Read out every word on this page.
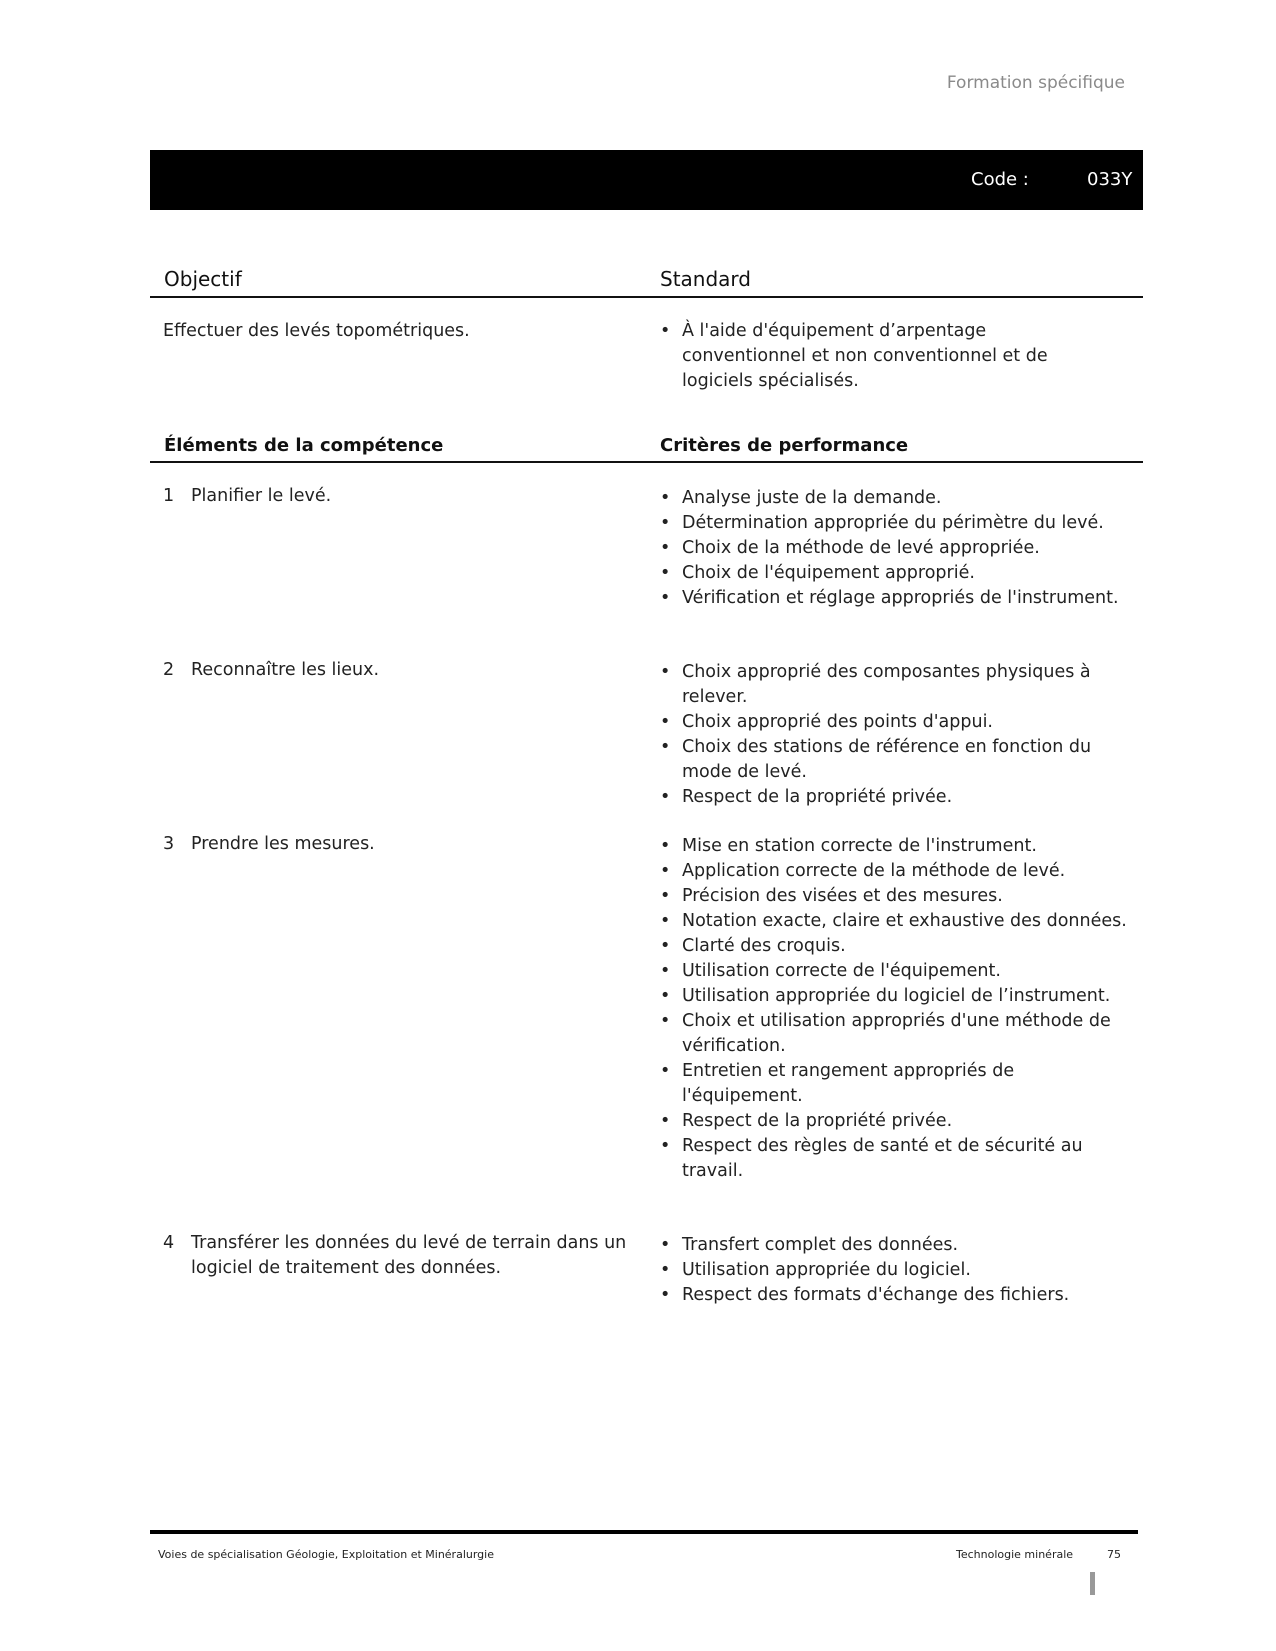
Formation spécifique
Code :	033Y
Objectif	Standard
Effectuer des levés topométriques.	• À l'aide d'équipement d’arpentage conventionnel et non conventionnel et de logiciels spécialisés.
Éléments de la compétence	Critères de performance
1 Planifier le levé.	• Analyse juste de la demande.
• Détermination appropriée du périmètre du levé.
• Choix de la méthode de levé appropriée.
• Choix de l'équipement approprié.
• Vérification et réglage appropriés de l'instrument.
2 Reconnaître les lieux.	• Choix approprié des composantes physiques à relever.
• Choix approprié des points d'appui.
• Choix des stations de référence en fonction du mode de levé.
• Respect de la propriété privée.
3 Prendre les mesures.	• Mise en station correcte de l'instrument.
• Application correcte de la méthode de levé.
• Précision des visées et des mesures.
• Notation exacte, claire et exhaustive des données.
• Clarté des croquis.
• Utilisation correcte de l'équipement.
• Utilisation appropriée du logiciel de l’instrument.
• Choix et utilisation appropriés d'une méthode de vérification.
• Entretien et rangement appropriés de l'équipement.
• Respect de la propriété privée.
• Respect des règles de santé et de sécurité au travail.
4 Transférer les données du levé de terrain dans un logiciel de traitement des données.
• Transfert complet des données.
• Utilisation appropriée du logiciel.
• Respect des formats d'échange des fichiers.
Voies de spécialisation Géologie, Exploitation et Minéralurgie	Technologie minérale	75
